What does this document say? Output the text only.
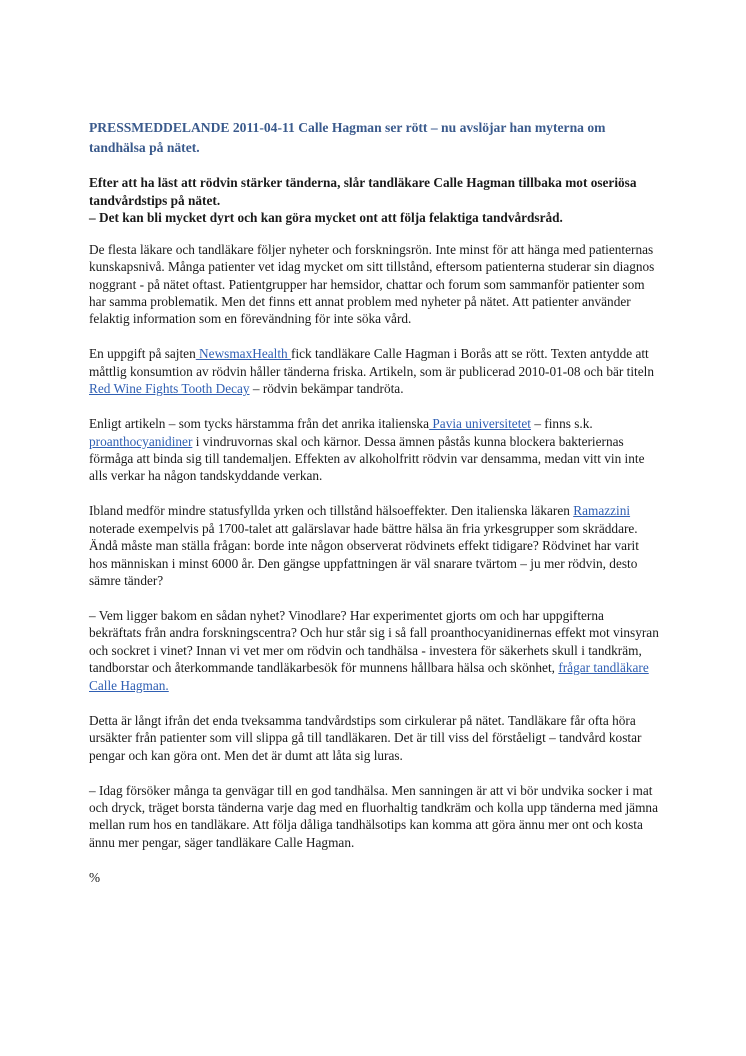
PRESSMEDDELANDE 2011-04-11 Calle Hagman ser rött – nu avslöjar han myterna om tandhälsa på nätet.
Efter att ha läst att rödvin stärker tänderna, slår tandläkare Calle Hagman tillbaka mot oseriösa tandvårdstips på nätet.
– Det kan bli mycket dyrt och kan göra mycket ont att följa felaktiga tandvårdsråd.

De flesta läkare och tandläkare följer nyheter och forskningsrön. Inte minst för att hänga med patienternas kunskapsnivå. Många patienter vet idag mycket om sitt tillstånd, eftersom patienterna studerar sin diagnos noggrant - på nätet oftast. Patientgrupper har hemsidor, chattar och forum som sammanför patienter som har samma problematik. Men det finns ett annat problem med nyheter på nätet. Att patienter använder felaktig information som en förevändning för inte söka vård.

En uppgift på sajten NewsmaxHealth fick tandläkare Calle Hagman i Borås att se rött. Texten antydde att måttlig konsumtion av rödvin håller tänderna friska. Artikeln, som är publicerad 2010-01-08 och bär titeln Red Wine Fights Tooth Decay – rödvin bekämpar tandröta.

Enligt artikeln – som tycks härstamma från det anrika italienska Pavia universitetet – finns s.k. proanthocyanidiner i vindruvornas skal och kärnor. Dessa ämnen påstås kunna blockera bakteriernas förmåga att binda sig till tandemaljen. Effekten av alkoholfritt rödvin var densamma, medan vitt vin inte alls verkar ha någon tandskyddande verkan.

Ibland medför mindre statusfyllda yrken och tillstånd hälsoeffekter. Den italienska läkaren Ramazzini noterade exempelvis på 1700-talet att galärslavar hade bättre hälsa än fria yrkesgrupper som skräddare. Ändå måste man ställa frågan: borde inte någon observerat rödvinets effekt tidigare? Rödvinet har varit hos människan i minst 6000 år. Den gängse uppfattningen är väl snarare tvärtom – ju mer rödvin, desto sämre tänder?

– Vem ligger bakom en sådan nyhet? Vinodlare? Har experimentet gjorts om och har uppgifterna bekräftats från andra forskningscentra? Och hur står sig i så fall proanthocyanidinernas effekt mot vinsyran och sockret i vinet? Innan vi vet mer om rödvin och tandhälsa - investera för säkerhets skull i tandkräm, tandborstar och återkommande tandläkarbesök för munnens hållbara hälsa och skönhet, frågar tandläkare Calle Hagman.

Detta är långt ifrån det enda tveksamma tandvårdstips som cirkulerar på nätet. Tandläkare får ofta höra ursäkter från patienter som vill slippa gå till tandläkaren. Det är till viss del förståeligt – tandvård kostar pengar och kan göra ont. Men det är dumt att låta sig luras.

– Idag försöker många ta genvägar till en god tandhälsa. Men sanningen är att vi bör undvika socker i mat och dryck, träget borsta tänderna varje dag med en fluorhaltig tandkräm och kolla upp tänderna med jämna mellan rum hos en tandläkare. Att följa dåliga tandhälsotips kan komma att göra ännu mer ont och kosta ännu mer pengar, säger tandläkare Calle Hagman.

%
